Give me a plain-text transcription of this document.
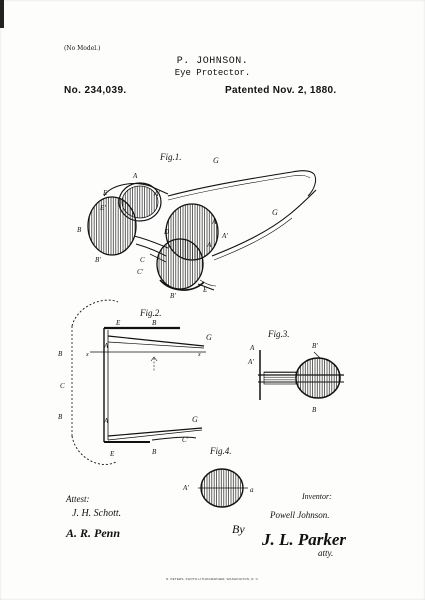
(No Model.)
P. JOHNSON.
Eye Protector.
No. 234,039.	Patented Nov. 2, 1880.
Fig.1.	G
A
A'
E
E'
B
B'
G
A
A'
A
D
C
C'
E
B'
Fig.2.
E	B
G
A
B	x	x
C
B	A	G
C'
B
E
Fig.3.
B'
A
A'
B
Fig.4.
A'	a
Attest:
J. H. Schott.
A. R. Penn
Inventor:
Powell Johnson.
By
J. L. Parker
atty.
N. PETERS, PHOTO-LITHOGRAPHER, WASHINGTON, D. C.
